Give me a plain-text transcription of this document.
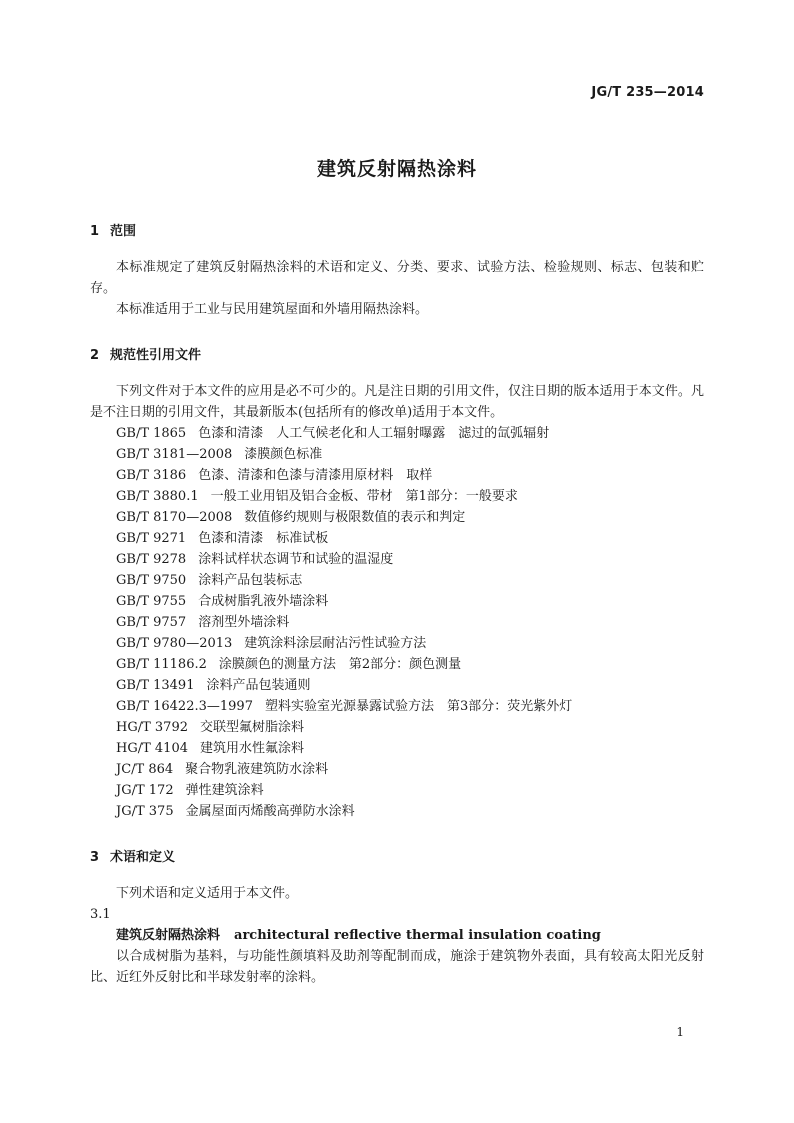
JG/T 235—2014
建筑反射隔热涂料
1 范围

本标准规定了建筑反射隔热涂料的术语和定义、分类、要求、试验方法、检验规则、标志、包装和贮存。

本标准适用于工业与民用建筑屋面和外墙用隔热涂料。

2 规范性引用文件

下列文件对于本文件的应用是必不可少的。凡是注日期的引用文件，仅注日期的版本适用于本文件。凡是不注日期的引用文件，其最新版本(包括所有的修改单)适用于本文件。

GB/T 1865 色漆和清漆　人工气候老化和人工辐射曝露　滤过的氙弧辐射
GB/T 3181—2008 漆膜颜色标准
GB/T 3186 色漆、清漆和色漆与清漆用原材料　取样
GB/T 3880.1 一般工业用铝及铝合金板、带材　第1部分：一般要求
GB/T 8170—2008 数值修约规则与极限数值的表示和判定
GB/T 9271 色漆和清漆　标准试板
GB/T 9278 涂料试样状态调节和试验的温湿度
GB/T 9750 涂料产品包装标志
GB/T 9755 合成树脂乳液外墙涂料
GB/T 9757 溶剂型外墙涂料
GB/T 9780—2013 建筑涂料涂层耐沾污性试验方法
GB/T 11186.2 涂膜颜色的测量方法　第2部分：颜色测量
GB/T 13491 涂料产品包装通则
GB/T 16422.3—1997 塑料实验室光源暴露试验方法　第3部分：荧光紫外灯
HG/T 3792 交联型氟树脂涂料
HG/T 4104 建筑用水性氟涂料
JC/T 864 聚合物乳液建筑防水涂料
JG/T 172 弹性建筑涂料
JG/T 375 金属屋面丙烯酸高弹防水涂料
3 术语和定义

下列术语和定义适用于本文件。

3.1
建筑反射隔热涂料 architectural reflective thermal insulation coating

以合成树脂为基料，与功能性颜填料及助剂等配制而成，施涂于建筑物外表面，具有较高太阳光反射比、近红外反射比和半球发射率的涂料。

1
